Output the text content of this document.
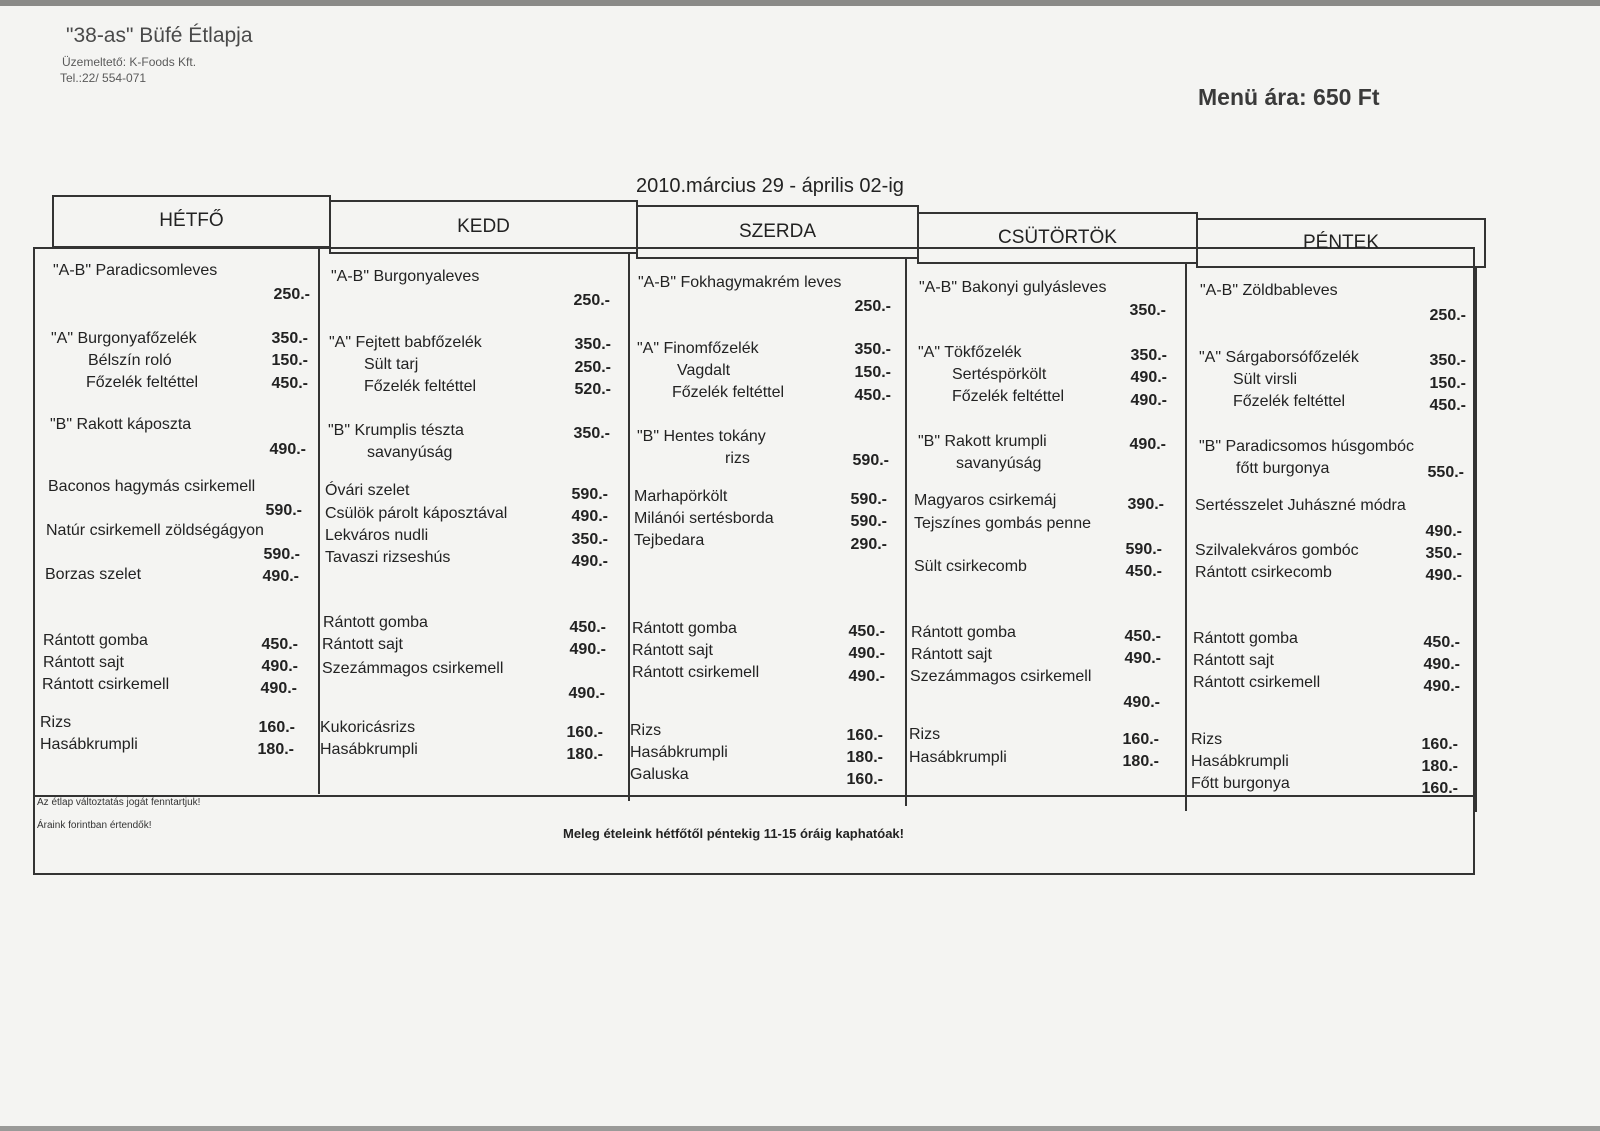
"38-as" Büfé Étlapja
Üzemeltető: K-Foods Kft.
Tel.:22/ 554-071
Menü ára: 650 Ft
2010.március 29 - április 02-ig
HÉTFŐ	KEDD	SZERDA	CSÜTÖRTÖK	PÉNTEK
"A-B" Paradicsomleves
250.-
"A" Burgonyafőzelék	350.-
Bélszín roló	150.-
Főzelék feltéttel	450.-
"B" Rakott káposzta
490.-
Baconos hagymás csirkemell
590.-
Natúr csirkemell zöldségágyon
590.-
Borzas szelet	490.-
Rántott gomba	450.-
Rántott sajt	490.-
Rántott csirkemell	490.-
Rizs	160.-
Hasábkrumpli	180.-
"A-B" Burgonyaleves
250.-
"A" Fejtett babfőzelék	350.-
Sült tarj	250.-
Főzelék feltéttel	520.-
"B" Krumplis tészta	350.-
savanyúság
Óvári szelet	590.-
Csülök párolt káposztával	490.-
Lekváros nudli	350.-
Tavaszi rizseshús	490.-
Rántott gomba	450.-
Rántott sajt	490.-
Szezámmagos csirkemell
490.-
Kukoricásrizs	160.-
Hasábkrumpli	180.-
"A-B" Fokhagymakrém leves
250.-
"A" Finomfőzelék	350.-
Vagdalt	150.-
Főzelék feltéttel	450.-
"B" Hentes tokány
rizs	590.-
Marhapörkölt	590.-
Milánói sertésborda	590.-
Tejbedara	290.-
Rántott gomba	450.-
Rántott sajt	490.-
Rántott csirkemell	490.-
Rizs	160.-
Hasábkrumpli	180.-
Galuska	160.-
"A-B" Bakonyi gulyásleves
350.-
"A" Tökfőzelék	350.-
Sertéspörkölt	490.-
Főzelék feltéttel	490.-
"B" Rakott krumpli	490.-
savanyúság
Magyaros csirkemáj	390.-
Tejszínes gombás penne
590.-
Sült csirkecomb	450.-
Rántott gomba	450.-
Rántott sajt	490.-
Szezámmagos csirkemell
490.-
Rizs	160.-
Hasábkrumpli	180.-
"A-B" Zöldbableves
250.-
"A" Sárgaborsófőzelék	350.-
Sült virsli	150.-
Főzelék feltéttel	450.-
"B" Paradicsomos húsgombóc
főtt burgonya	550.-
Sertésszelet Juhászné módra
490.-
Szilvalekváros gombóc	350.-
Rántott csirkecomb	490.-
Rántott gomba	450.-
Rántott sajt	490.-
Rántott csirkemell	490.-
Rizs	160.-
Hasábkrumpli	180.-
Főtt burgonya	160.-
Az étlap változtatás jogát fenntartjuk!
Áraink forintban értendők!
Meleg ételeink hétfőtől péntekig 11-15 óráig kaphatóak!
